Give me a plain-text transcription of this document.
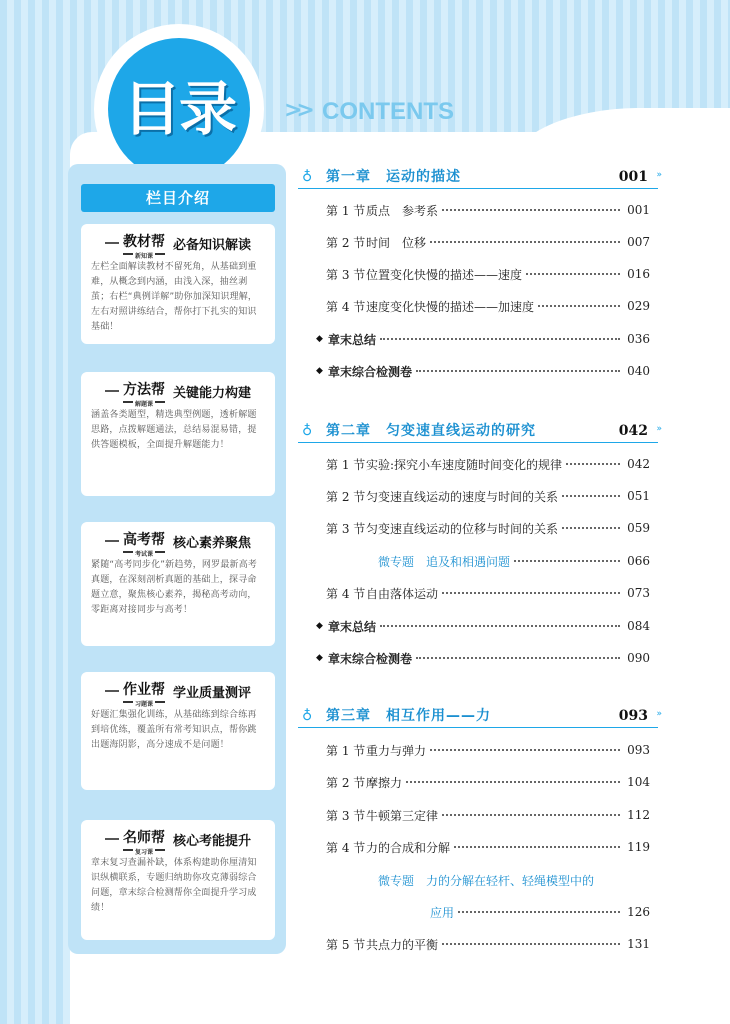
目录	>> CONTENTS
栏目介绍
教材帮
新知课
必备知识解读
左栏全面解读教材不留死角，从基础到重难，从概念到内涵，由浅入深，抽丝剥茧；右栏“典例详解”助你加深知识理解，左右对照讲练结合，帮你打下扎实的知识基础！
方法帮
解题课
关键能力构建
涵盖各类题型，精选典型例题，透析解题思路，点拨解题通法，总结易混易错，提供答题模板，全面提升解题能力！
高考帮
考试课
核心素养聚焦
紧随“高考同步化”新趋势，网罗最新高考真题，在深刻剖析真题的基础上，探寻命题立意，聚焦核心素养，揭秘高考动向，零距离对接同步与高考！
作业帮
习题课
学业质量测评
好题汇集强化训练，从基础练到综合练再到培优练，覆盖所有常考知识点，帮你跳出题海阴影，高分速成不是问题！
名师帮
复习课
核心考能提升
章末复习查漏补缺，体系构建助你厘清知识纵横联系，专题归纳助你攻克薄弱综合问题，章末综合检测帮你全面提升学习成绩！
♁ 第一章　运动的描述	001 »
第 1 节 质点　参考系	001
第 2 节 时间　位移	007
第 3 节 位置变化快慢的描述——速度	016
第 4 节 速度变化快慢的描述——加速度	029
◆ 章末总结	036
◆ 章末综合检测卷	040
♁ 第二章　匀变速直线运动的研究	042 »
第 1 节 实验:探究小车速度随时间变化的规律	042
第 2 节 匀变速直线运动的速度与时间的关系	051
第 3 节 匀变速直线运动的位移与时间的关系	059
微专题　追及和相遇问题	066
第 4 节 自由落体运动	073
◆ 章末总结	084
◆ 章末综合检测卷	090
♁ 第三章　相互作用——力	093 »
第 1 节 重力与弹力	093
第 2 节 摩擦力	104
第 3 节 牛顿第三定律	112
第 4 节 力的合成和分解	119
微专题　力的分解在轻杆、轻绳模型中的
应用	126
第 5 节 共点力的平衡	131
